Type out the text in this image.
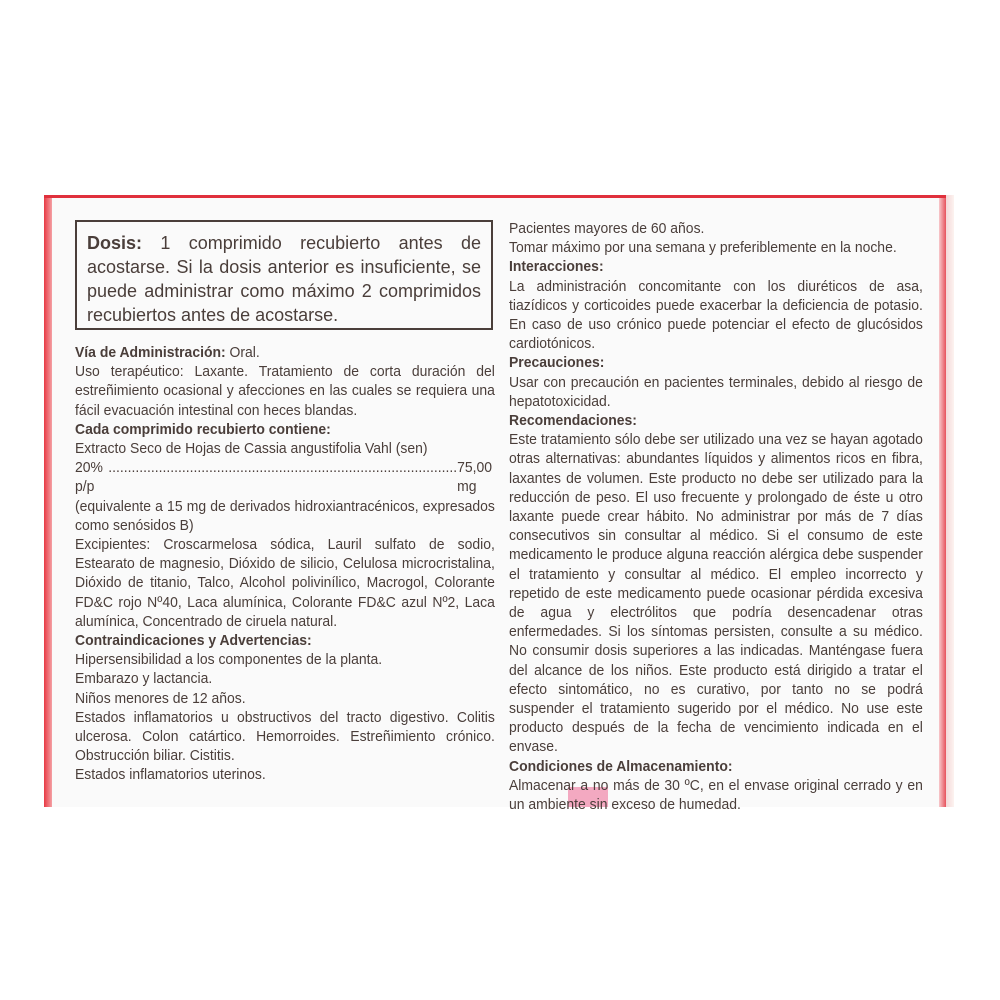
Dosis: 1 comprimido recubierto antes de acostarse. Si la dosis anterior es insuficiente, se puede administrar como máximo 2 comprimidos recubiertos antes de acostarse.

Vía de Administración: Oral.

Uso terapéutico: Laxante. Tratamiento de corta duración del estreñimiento ocasional y afecciones en las cuales se requiera una fácil evacuación intestinal con heces blandas.

Cada comprimido recubierto contiene:

Extracto Seco de Hojas de Cassia angustifolia Vahl (sen)

20% p/p
.......................................................................................... 75,00 mg

(equivalente a 15 mg de derivados hidroxiantracénicos, expresados como senósidos B)

Excipientes: Croscarmelosa sódica, Lauril sulfato de sodio, Estearato de magnesio, Dióxido de silicio, Celulosa microcristalina, Dióxido de titanio, Talco, Alcohol polivinílico, Macrogol, Colorante FD&C rojo Nº40, Laca alumínica, Colorante FD&C azul Nº2, Laca alumínica, Concentrado de ciruela natural.

Contraindicaciones y Advertencias:

Hipersensibilidad a los componentes de la planta.

Embarazo y lactancia.

Niños menores de 12 años.

Estados inflamatorios u obstructivos del tracto digestivo. Colitis ulcerosa. Colon catártico. Hemorroides. Estreñimiento crónico. Obstrucción biliar. Cistitis.

Estados inflamatorios uterinos.

Pacientes mayores de 60 años.

Tomar máximo por una semana y preferiblemente en la noche.

Interacciones:

La administración concomitante con los diuréticos de asa, tiazídicos y corticoides puede exacerbar la deficiencia de potasio. En caso de uso crónico puede potenciar el efecto de glucósidos cardiotónicos.

Precauciones:

Usar con precaución en pacientes terminales, debido al riesgo de hepatotoxicidad.

Recomendaciones:

Este tratamiento sólo debe ser utilizado una vez se hayan agotado otras alternativas: abundantes líquidos y alimentos ricos en fibra, laxantes de volumen. Este producto no debe ser utilizado para la reducción de peso. El uso frecuente y prolongado de éste u otro laxante puede crear hábito. No administrar por más de 7 días consecutivos sin consultar al médico. Si el consumo de este medicamento le produce alguna reacción alérgica debe suspender el tratamiento y consultar al médico. El empleo incorrecto y repetido de este medicamento puede ocasionar pérdida excesiva de agua y electrólitos que podría desencadenar otras enfermedades. Si los síntomas persisten, consulte a su médico. No consumir dosis superiores a las indicadas. Manténgase fuera del alcance de los niños. Este producto está dirigido a tratar el efecto sintomático, no es curativo, por tanto no se podrá suspender el tratamiento sugerido por el médico. No use este producto después de la fecha de vencimiento indicada en el envase.

Condiciones de Almacenamiento:

Almacenar a no más de 30 ºC, en el envase original cerrado y en un ambiente sin exceso de humedad.
